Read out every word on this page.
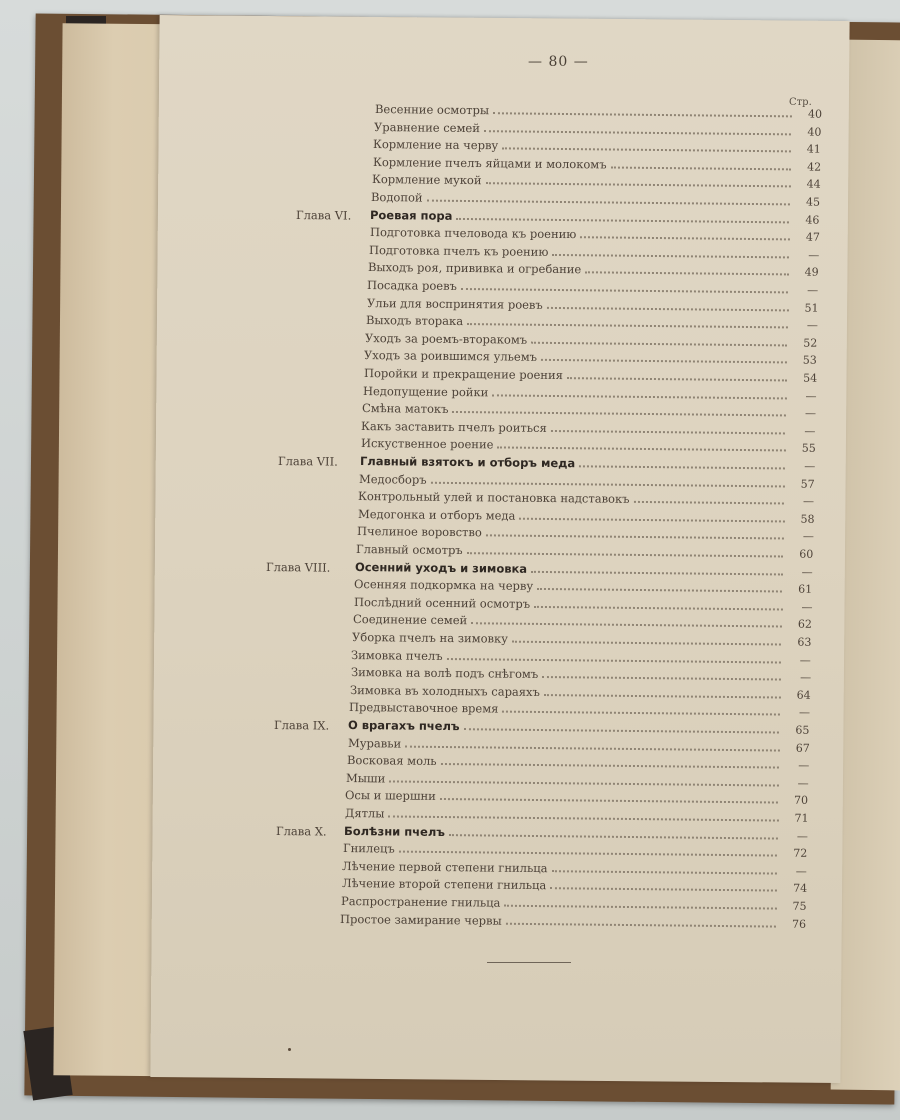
— 80 —
Стр.
Весенние осмотры	40
Уравнение семей	40
Кормление на черву	41
Кормление пчелъ яйцами и молокомъ	42
Кормление мукой	44
Водопой	45
Глава VI. Роевая пора	46
Подготовка пчеловода къ роению	47
Подготовка пчелъ къ роению	—
Выходъ роя, прививка и огребание	49
Посадка роевъ	—
Ульи для воспринятия роевъ	51
Выходъ вторака	—
Уходъ за роемъ-вторакомъ	52
Уходъ за роившимся ульемъ	53
Поройки и прекращение роения	54
Недопущение ройки	—
Смѣна матокъ	—
Какъ заставить пчелъ роиться	—
Искуственное роение	55
Глава VII. Главный взятокъ и отборъ меда	—
Медосборъ	57
Контрольный улей и постановка надставокъ	—
Медогонка и отборъ меда	58
Пчелиное воровство	—
Главный осмотръ	60
Глава VIII. Осенний уходъ и зимовка	—
Осенняя подкормка на черву	61
Послѣдний осенний осмотръ	—
Соединение семей	62
Уборка пчелъ на зимовку	63
Зимовка пчелъ	—
Зимовка на волѣ подъ снѣгомъ	—
Зимовка въ холодныхъ сараяхъ	64
Предвыставочное время	—
Глава IX. О врагахъ пчелъ	65
Муравьи	67
Восковая моль	—
Мыши	—
Осы и шершни	70
Дятлы	71
Глава X. Болѣзни пчелъ	—
Гнилецъ	72
Лѣчение первой степени гнильца	—
Лѣчение второй степени гнильца	74
Распространение гнильца	75
Простое замирание червы	76
